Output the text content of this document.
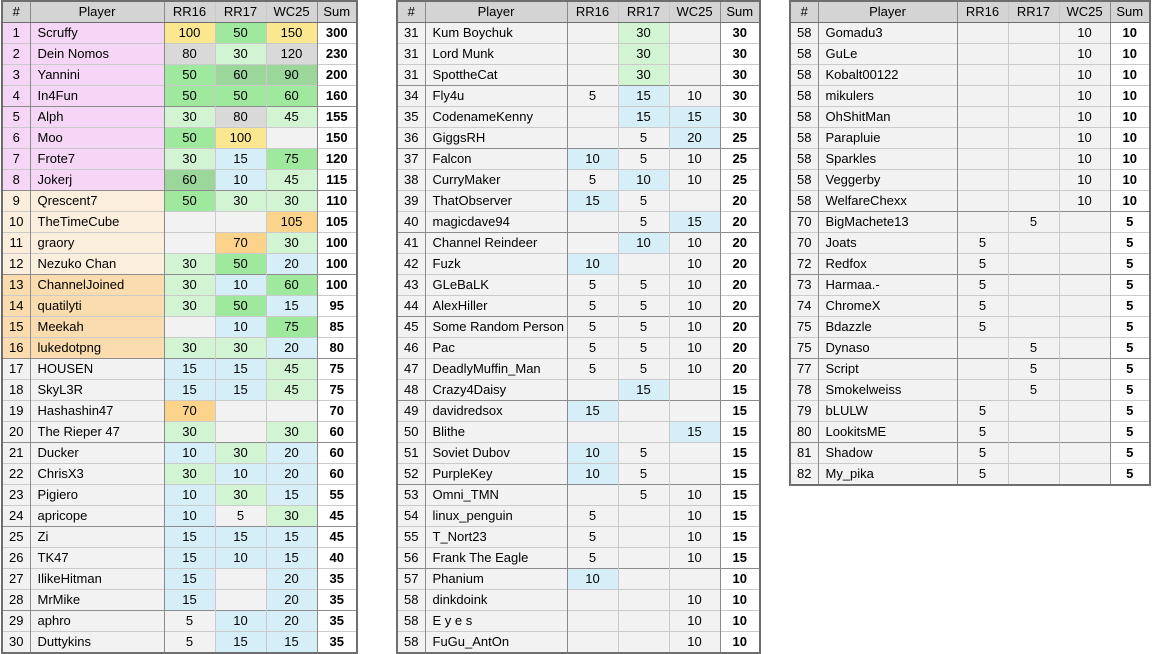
#	Player	RR16	RR17	WC25	Sum
1	Scruffy	100	50	150	300
2	Dein Nomos	80	30	120	230
3	Yannini	50	60	90	200
4	In4Fun	50	50	60	160
5	Alph	30	80	45	155
6	Moo	50	100		150
7	Frote7	30	15	75	120
8	Jokerj	60	10	45	115
9	Qrescent7	50	30	30	110
10	TheTimeCube			105	105
11	graory		70	30	100
12	Nezuko Chan	30	50	20	100
13	ChannelJoined	30	10	60	100
14	quatilyti	30	50	15	95
15	Meekah		10	75	85
16	lukedotpng	30	30	20	80
17	HOUSEN	15	15	45	75
18	SkyL3R	15	15	45	75
19	Hashashin47	70			70
20	The Rieper 47	30		30	60
21	Ducker	10	30	20	60
22	ChrisX3	30	10	20	60
23	Pigiero	10	30	15	55
24	apricope	10	5	30	45
25	Zi	15	15	15	45
26	TK47	15	10	15	40
27	IlikeHitman	15		20	35
28	MrMike	15		20	35
29	aphro	5	10	20	35
30	Duttykins	5	15	15	35
#	Player	RR16	RR17	WC25	Sum
31	Kum Boychuk		30		30
31	Lord Munk		30		30
31	SpottheCat		30		30
34	Fly4u	5	15	10	30
35	CodenameKenny		15	15	30
36	GiggsRH		5	20	25
37	Falcon	10	5	10	25
38	CurryMaker	5	10	10	25
39	ThatObserver	15	5		20
40	magicdave94		5	15	20
41	Channel Reindeer		10	10	20
42	Fuzk	10		10	20
43	GLeBaLK	5	5	10	20
44	AlexHiller	5	5	10	20
45	Some Random Person	5	5	10	20
46	Pac	5	5	10	20
47	DeadlyMuffin_Man	5	5	10	20
48	Crazy4Daisy		15		15
49	davidredsox	15			15
50	Blithe			15	15
51	Soviet Dubov	10	5		15
52	PurpleKey	10	5		15
53	Omni_TMN		5	10	15
54	linux_penguin	5		10	15
55	T_Nort23	5		10	15
56	Frank The Eagle	5		10	15
57	Phanium	10			10
58	dinkdoink			10	10
58	E y e s			10	10
58	FuGu_AntOn			10	10
#	Player	RR16	RR17	WC25	Sum
58	Gomadu3			10	10
58	GuLe			10	10
58	Kobalt00122			10	10
58	mikulers			10	10
58	OhShitMan			10	10
58	Parapluie			10	10
58	Sparkles			10	10
58	Veggerby			10	10
58	WelfareChexx			10	10
70	BigMachete13		5		5
70	Joats	5			5
72	Redfox	5			5
73	Harmaa.-	5			5
74	ChromeX	5			5
75	Bdazzle	5			5
75	Dynaso		5		5
77	Script		5		5
78	Smokelweiss		5		5
79	bLULW	5			5
80	LookitsME	5			5
81	Shadow	5			5
82	My_pika	5			5
